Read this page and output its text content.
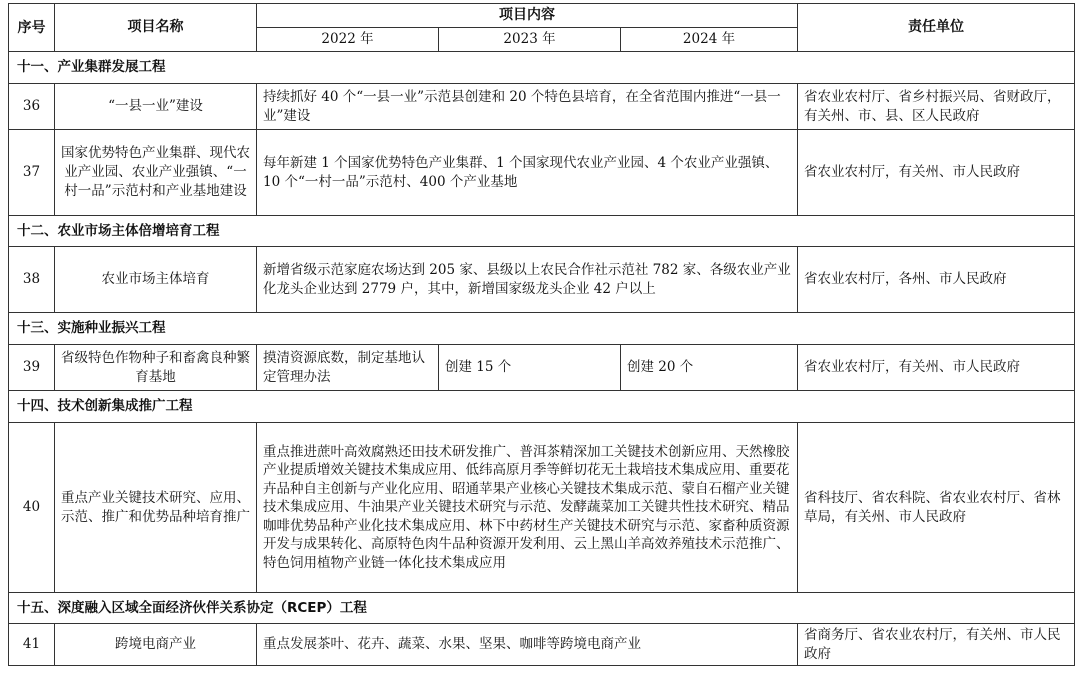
序号	项目名称	项目内容			责任单位
		2022 年	2023 年	2024 年	
十一、产业集群发展工程					
36	“一县一业”建设	持续抓好 40 个“一县一业”示范县创建和 20 个特色县培育，在全省范围内推进“一县一业”建设			省农业农村厅、省乡村振兴局、省财政厅，有关州、市、县、区人民政府
37	国家优势特色产业集群、现代农业产业园、农业产业强镇、“一村一品”示范村和产业基地建设	每年新建 1 个国家优势特色产业集群、1 个国家现代农业产业园、4 个农业产业强镇、10 个“一村一品”示范村、400 个产业基地			省农业农村厅，有关州、市人民政府
十二、农业市场主体倍增培育工程					
38	农业市场主体培育	新增省级示范家庭农场达到 205 家、县级以上农民合作社示范社 782 家、各级农业产业化龙头企业达到 2779 户，其中，新增国家级龙头企业 42 户以上			省农业农村厅，各州、市人民政府
十三、实施种业振兴工程					
39	省级特色作物种子和畜禽良种繁育基地	摸清资源底数，制定基地认定管理办法	创建 15 个	创建 20 个	省农业农村厅，有关州、市人民政府
十四、技术创新集成推广工程					
40	重点产业关键技术研究、应用、示范、推广和优势品种培育推广	重点推进蔗叶高效腐熟还田技术研发推广、普洱茶精深加工关键技术创新应用、天然橡胶产业提质增效关键技术集成应用、低纬高原月季等鲜切花无土栽培技术集成应用、重要花卉品种自主创新与产业化应用、昭通苹果产业核心关键技术集成示范、蒙自石榴产业关键技术集成应用、牛油果产业关键技术研究与示范、发酵蔬菜加工关键共性技术研究、精品咖啡优势品种产业化技术集成应用、林下中药材生产关键技术研究与示范、家畜种质资源开发与成果转化、高原特色肉牛品种资源开发利用、云上黑山羊高效养殖技术示范推广、特色饲用植物产业链一体化技术集成应用			省科技厅、省农科院、省农业农村厅、省林草局，有关州、市人民政府
十五、深度融入区域全面经济伙伴关系协定（RCEP）工程					
41	跨境电商产业	重点发展茶叶、花卉、蔬菜、水果、坚果、咖啡等跨境电商产业			省商务厅、省农业农村厅，有关州、市人民政府
